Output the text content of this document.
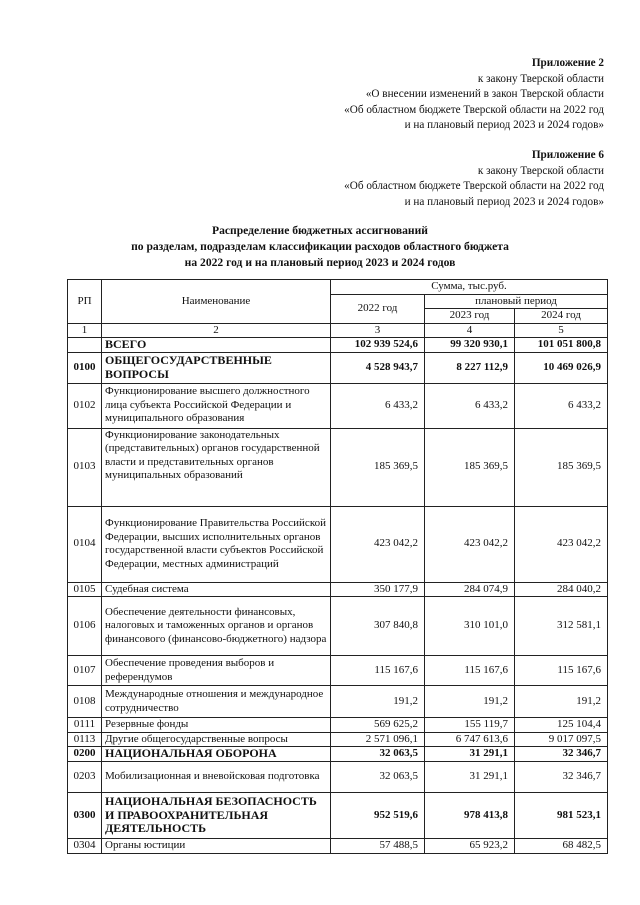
Приложение 2
к закону Тверской области
«О внесении изменений в закон Тверской области
«Об областном бюджете Тверской области на 2022 год
и на плановый период 2023 и 2024 годов»
Приложение 6
к закону Тверской области
«Об областном бюджете Тверской области на 2022 год
и на плановый период 2023 и 2024 годов»
Распределение бюджетных ассигнований
по разделам, подразделам классификации расходов областного бюджета
на 2022 год и на плановый период 2023 и 2024 годов
РП	Наименование	Сумма, тыс.руб.		
		2022 год	плановый период	
			2023 год	2024 год
1	2	3	4	5
	ВСЕГО	102 939 524,6	99 320 930,1	101 051 800,8
0100	ОБЩЕГОСУДАРСТВЕННЫЕ ВОПРОСЫ	4 528 943,7	8 227 112,9	10 469 026,9
0102	Функционирование высшего должностного лица субъекта Российской Федерации и муниципального образования	6 433,2	6 433,2	6 433,2
0103	Функционирование законодательных (представительных) органов государственной власти и представительных органов муниципальных образований	185 369,5	185 369,5	185 369,5
0104	Функционирование Правительства Российской Федерации, высших исполнительных органов государственной власти субъектов Российской Федерации, местных администраций	423 042,2	423 042,2	423 042,2
0105	Судебная система	350 177,9	284 074,9	284 040,2
0106	Обеспечение деятельности финансовых, налоговых и таможенных органов и органов финансового (финансово-бюджетного) надзора	307 840,8	310 101,0	312 581,1
0107	Обеспечение проведения выборов и референдумов	115 167,6	115 167,6	115 167,6
0108	Международные отношения и международное сотрудничество	191,2	191,2	191,2
0111	Резервные фонды	569 625,2	155 119,7	125 104,4
0113	Другие общегосударственные вопросы	2 571 096,1	6 747 613,6	9 017 097,5
0200	НАЦИОНАЛЬНАЯ ОБОРОНА	32 063,5	31 291,1	32 346,7
0203	Мобилизационная и вневойсковая подготовка	32 063,5	31 291,1	32 346,7
0300	НАЦИОНАЛЬНАЯ БЕЗОПАСНОСТЬ И ПРАВООХРАНИТЕЛЬНАЯ ДЕЯТЕЛЬНОСТЬ	952 519,6	978 413,8	981 523,1
0304	Органы юстиции	57 488,5	65 923,2	68 482,5
